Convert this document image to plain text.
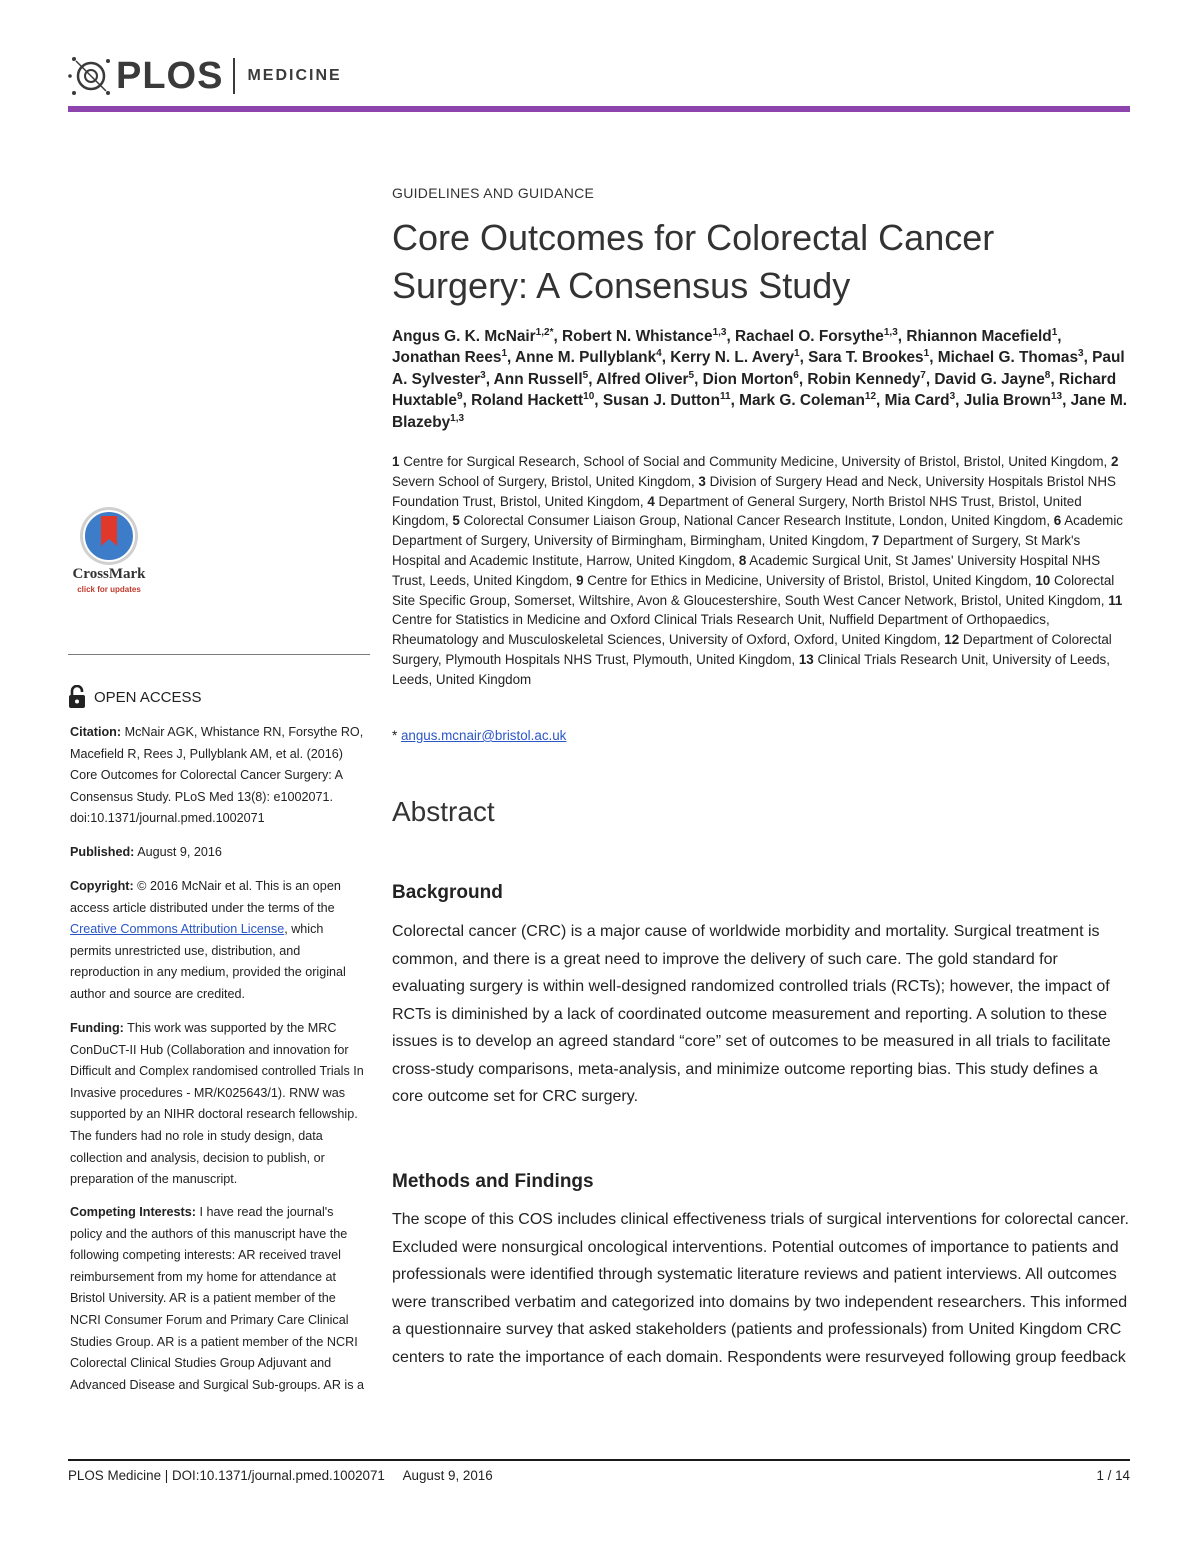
PLOS MEDICINE
CrossMark
click for updates
OPEN ACCESS

Citation: McNair AGK, Whistance RN, Forsythe RO, Macefield R, Rees J, Pullyblank AM, et al. (2016) Core Outcomes for Colorectal Cancer Surgery: A Consensus Study. PLoS Med 13(8): e1002071. doi:10.1371/journal.pmed.1002071

Published: August 9, 2016

Copyright: © 2016 McNair et al. This is an open access article distributed under the terms of the Creative Commons Attribution License, which permits unrestricted use, distribution, and reproduction in any medium, provided the original author and source are credited.

Funding: This work was supported by the MRC ConDuCT-II Hub (Collaboration and innovation for Difficult and Complex randomised controlled Trials In Invasive procedures - MR/K025643/1). RNW was supported by an NIHR doctoral research fellowship. The funders had no role in study design, data collection and analysis, decision to publish, or preparation of the manuscript.

Competing Interests: I have read the journal's policy and the authors of this manuscript have the following competing interests: AR received travel reimbursement from my home for attendance at Bristol University. AR is a patient member of the NCRI Consumer Forum and Primary Care Clinical Studies Group. AR is a patient member of the NCRI Colorectal Clinical Studies Group Adjuvant and Advanced Disease and Surgical Sub-groups. AR is a

GUIDELINES AND GUIDANCE
Core Outcomes for Colorectal Cancer
Surgery: A Consensus Study
Angus G. K. McNair$^{1,2*}$, Robert N. Whistance$^{1,3}$, Rachael O. Forsythe$^{1,3}$, Rhiannon Macefield$^1$, Jonathan Rees$^1$, Anne M. Pullyblank$^4$, Kerry N. L. Avery$^1$, Sara T. Brookes$^1$, Michael G. Thomas$^3$, Paul A. Sylvester$^3$, Ann Russell$^5$, Alfred Oliver$^5$, Dion Morton$^6$, Robin Kennedy$^7$, David G. Jayne$^8$, Richard Huxtable$^9$, Roland Hackett$^{10}$, Susan J. Dutton$^{11}$, Mark G. Coleman$^{12}$, Mia Card$^3$, Julia Brown$^{13}$, Jane M. Blazeby$^{1,3}$
1 Centre for Surgical Research, School of Social and Community Medicine, University of Bristol, Bristol, United Kingdom, 2 Severn School of Surgery, Bristol, United Kingdom, 3 Division of Surgery Head and Neck, University Hospitals Bristol NHS Foundation Trust, Bristol, United Kingdom, 4 Department of General Surgery, North Bristol NHS Trust, Bristol, United Kingdom, 5 Colorectal Consumer Liaison Group, National Cancer Research Institute, London, United Kingdom, 6 Academic Department of Surgery, University of Birmingham, Birmingham, United Kingdom, 7 Department of Surgery, St Mark's Hospital and Academic Institute, Harrow, United Kingdom, 8 Academic Surgical Unit, St James' University Hospital NHS Trust, Leeds, United Kingdom, 9 Centre for Ethics in Medicine, University of Bristol, Bristol, United Kingdom, 10 Colorectal Site Specific Group, Somerset, Wiltshire, Avon & Gloucestershire, South West Cancer Network, Bristol, United Kingdom, 11 Centre for Statistics in Medicine and Oxford Clinical Trials Research Unit, Nuffield Department of Orthopaedics, Rheumatology and Musculoskeletal Sciences, University of Oxford, Oxford, United Kingdom, 12 Department of Colorectal Surgery, Plymouth Hospitals NHS Trust, Plymouth, United Kingdom, 13 Clinical Trials Research Unit, University of Leeds, Leeds, United Kingdom
* angus.mcnair@bristol.ac.uk
Abstract
Background

Colorectal cancer (CRC) is a major cause of worldwide morbidity and mortality. Surgical treatment is common, and there is a great need to improve the delivery of such care. The gold standard for evaluating surgery is within well-designed randomized controlled trials (RCTs); however, the impact of RCTs is diminished by a lack of coordinated outcome measurement and reporting. A solution to these issues is to develop an agreed standard “core” set of outcomes to be measured in all trials to facilitate cross-study comparisons, meta-analysis, and minimize outcome reporting bias. This study defines a core outcome set for CRC surgery.

Methods and Findings

The scope of this COS includes clinical effectiveness trials of surgical interventions for colorectal cancer. Excluded were nonsurgical oncological interventions. Potential outcomes of importance to patients and professionals were identified through systematic literature reviews and patient interviews. All outcomes were transcribed verbatim and categorized into domains by two independent researchers. This informed a questionnaire survey that asked stakeholders (patients and professionals) from United Kingdom CRC centers to rate the importance of each domain. Respondents were resurveyed following group feedback

PLOS Medicine | DOI:10.1371/journal.pmed.1002071 August 9, 2016	1 / 14
